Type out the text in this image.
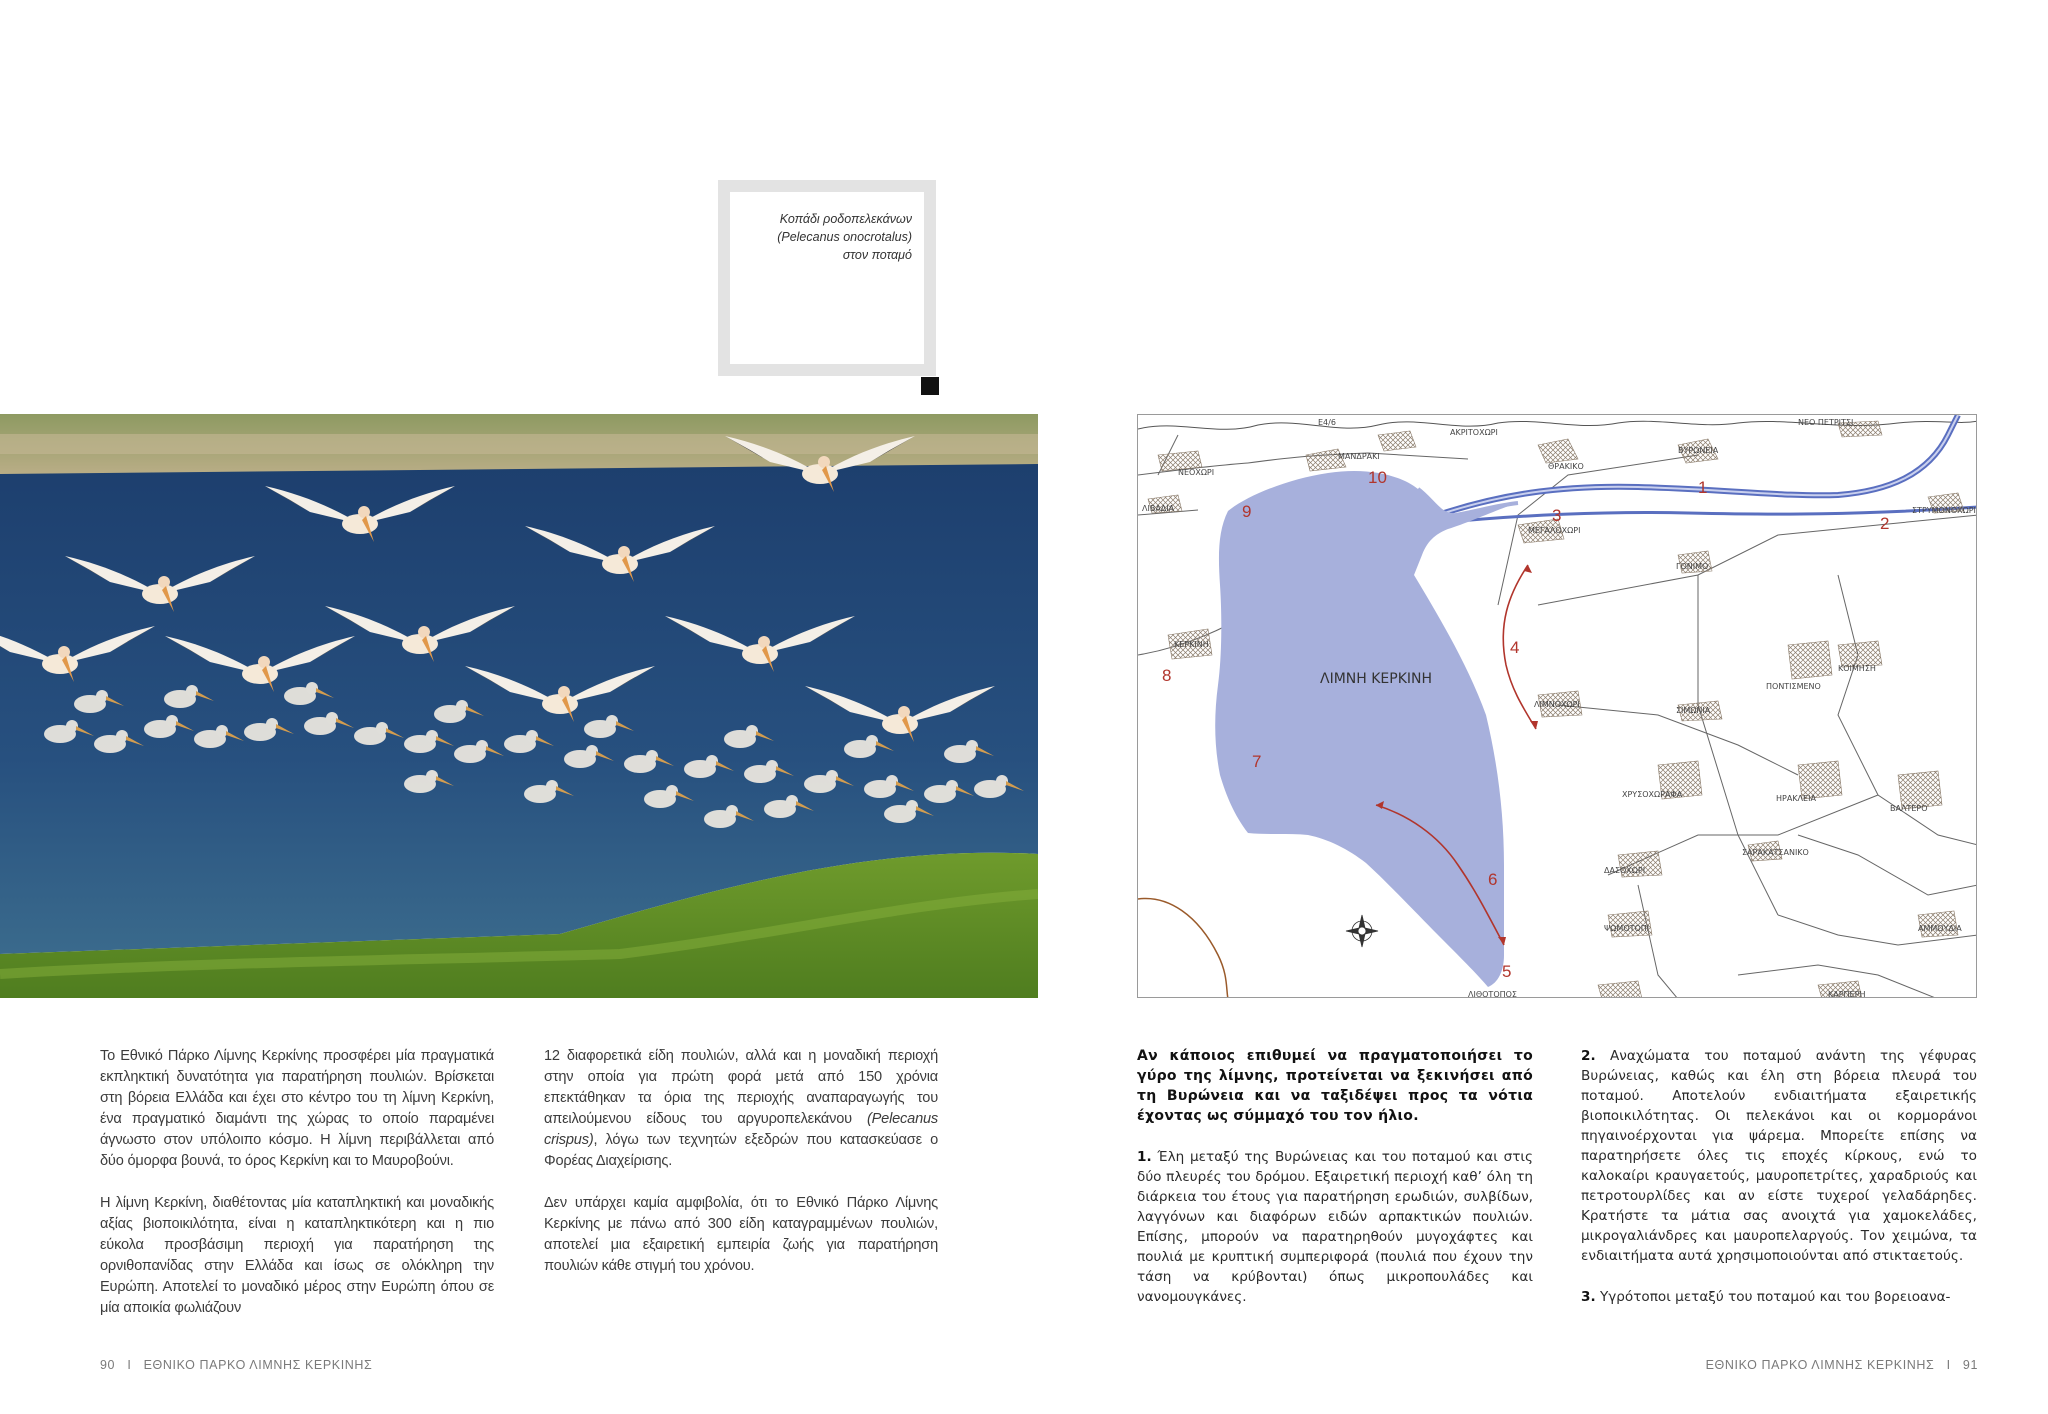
Κοπάδι ροδοπελεκάνων
(Pelecanus onocrotalus)
στον ποταμό
E4/6
ΑΚΡΙΤΟΧΩΡΙ
ΝΕΟ ΠΕΤΡΙΤΣΙ
ΝΕΟΧΩΡΙ
ΜΑΝΔΡΑΚΙ
ΒΥΡΩΝΕΙΑ
ΘΡΑΚΙΚΟ
ΛΙΒΑΔΙΑ
ΜΕΓΑΛΟΧΩΡΙ
ΣΤΡΥΜΟΝΟΧΩΡΙ
ΓΟΝΙΜΟ
ΚΕΡΚΙΝΗ
ΛΙΜΝΟΧΩΡΙ
ΣΙΜΩΝΙΑ
ΠΟΝΤΙΣΜΕΝΟ
ΚΟΙΜΗΣΗ
ΧΡΥΣΟΧΩΡΑΦΑ	ΗΡΑΚΛΕΙΑ
ΒΑΛΤΕΡΟ
ΣΑΡΑΚΑΤΣΑΝΙΚΟ
ΔΑΣΟΧΩΡΙ
ΨΩΜΟΤΟΠΙ	ΑΜΜΟΥΔΙΑ
ΛΙΘΟΤΟΠΟΣ	ΚΑΡΠΕΡΗ
ΛΙΜΝΗ ΚΕΡΚΙΝΗ
1
2
3
4
5
6
7
8
9
10

Το Εθνικό Πάρκο Λίμνης Κερκίνης προσφέρει μία πραγματικά εκπληκτική δυνατότητα για παρατήρηση πουλιών. Βρίσκεται στη βόρεια Ελλάδα και έχει στο κέντρο του τη λίμνη Κερκίνη, ένα πραγματικό διαμάντι της χώρας το οποίο παραμένει άγνωστο στον υπόλοιπο κόσμο. Η λίμνη περιβάλλεται από δύο όμορφα βουνά, το όρος Κερκίνη και το Μαυροβούνι.

Η λίμνη Κερκίνη, διαθέτοντας μία καταπληκτική και μοναδικής αξίας βιοποικιλότητα, είναι η καταπληκτικότερη και η πιο εύκολα προσβάσιμη περιοχή για παρατήρηση της ορνιθοπανίδας στην Ελλάδα και ίσως σε ολόκληρη την Ευρώπη. Αποτελεί το μοναδικό μέρος στην Ευρώπη όπου σε μία αποικία φωλιάζουν

12 διαφορετικά είδη πουλιών, αλλά και η μοναδική περιοχή στην οποία για πρώτη φορά μετά από 150 χρόνια επεκτάθηκαν τα όρια της περιοχής αναπαραγωγής του απειλούμενου είδους του αργυροπελεκάνου (Pelecanus crispus), λόγω των τεχνητών εξεδρών που κατασκεύασε ο Φορέας Διαχείρισης.

Δεν υπάρχει καμία αμφιβολία, ότι το Εθνικό Πάρκο Λίμνης Κερκίνης με πάνω από 300 είδη καταγραμμένων πουλιών, αποτελεί μια εξαιρετική εμπειρία ζωής για παρατήρηση πουλιών κάθε στιγμή του χρόνου.

Αν κάποιος επιθυμεί να πραγματοποιήσει το γύρο της λίμνης, προτείνεται να ξεκινήσει από τη Βυρώνεια και να ταξιδέψει προς τα νότια έχοντας ως σύμμαχό του τον ήλιο.

1. Έλη μεταξύ της Βυρώνειας και του ποταμού και στις δύο πλευρές του δρόμου. Εξαιρετική περιοχή καθ’ όλη τη διάρκεια του έτους για παρατήρηση ερωδιών, συλβίδων, λαγγόνων και διαφόρων ειδών αρπακτικών πουλιών. Επίσης, μπορούν να παρατηρηθούν μυγοχάφτες και πουλιά με κρυπτική συμπεριφορά (πουλιά που έχουν την τάση να κρύβονται) όπως μικροπουλάδες και νανομουγκάνες.

2. Αναχώματα του ποταμού ανάντη της γέφυρας Βυρώνειας, καθώς και έλη στη βόρεια πλευρά του ποταμού. Αποτελούν ενδιαιτήματα εξαιρετικής βιοποικιλότητας. Οι πελεκάνοι και οι κορμοράνοι πηγαινοέρχονται για ψάρεμα. Μπορείτε επίσης να παρατηρήσετε όλες τις εποχές κίρκους, ενώ το καλοκαίρι κραυγαετούς, μαυροπετρίτες, χαραδριούς και πετροτουρλίδες και αν είστε τυχεροί γελαδάρηδες. Κρατήστε τα μάτια σας ανοιχτά για χαμοκελάδες, μικρογαλιάνδρες και μαυροπελαργούς. Τον χειμώνα, τα ενδιαιτήματα αυτά χρησιμοποιούνται από στικταετούς.

3. Υγρότοποι μεταξύ του ποταμού και του βορειοανα-

90 I ΕΘΝΙΚΟ ΠΑΡΚΟ ΛΙΜΝΗΣ ΚΕΡΚΙΝΗΣ	ΕΘΝΙΚΟ ΠΑΡΚΟ ΛΙΜΝΗΣ ΚΕΡΚΙΝΗΣ I 91
